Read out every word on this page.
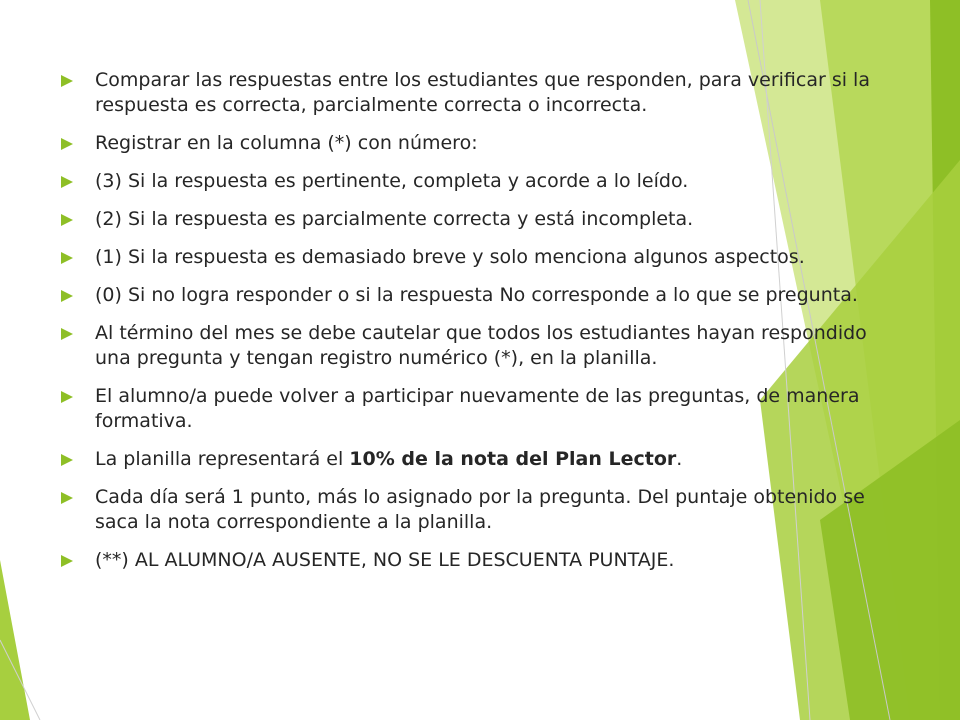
Comparar las respuestas entre los estudiantes que responden, para verificar si la respuesta es correcta, parcialmente correcta o incorrecta.
Registrar en la columna (*) con número:
(3) Si la respuesta es pertinente, completa y acorde a lo leído.
(2) Si la respuesta es parcialmente correcta y está incompleta.
(1) Si la respuesta es demasiado breve y solo menciona algunos aspectos.
(0) Si no logra responder o si la respuesta No corresponde a lo que se pregunta.
Al término del mes se debe cautelar que todos los estudiantes hayan respondido una pregunta y tengan registro numérico (*), en la planilla.
El alumno/a puede volver a participar nuevamente de las preguntas, de manera formativa.
La planilla representará el 10% de la nota del Plan Lector.
Cada día será 1 punto, más lo asignado por la pregunta. Del puntaje obtenido se saca la nota correspondiente a la planilla.
(**) AL ALUMNO/A AUSENTE, NO SE LE DESCUENTA PUNTAJE.
